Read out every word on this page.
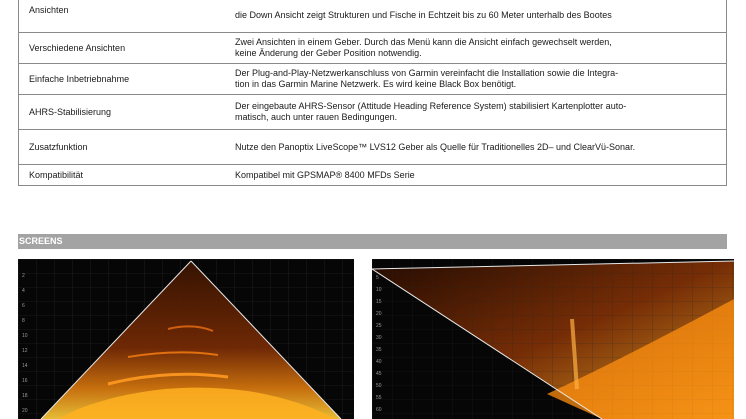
Ansichten	die Down Ansicht zeigt Strukturen und Fische in Echtzeit bis zu 60 Meter unterhalb des Bootes
Verschiedene Ansichten	Zwei Ansichten in einem Geber. Durch das Menü kann die Ansicht einfach gewechselt werden,
keine Änderung der Geber Position notwendig.
Einfache Inbetriebnahme	Der Plug-and-Play-Netzwerkanschluss von Garmin vereinfacht die Installation sowie die Integra-
tion in das Garmin Marine Netzwerk. Es wird keine Black Box benötigt.
AHRS-Stabilisierung	Der eingebaute AHRS-Sensor (Attitude Heading Reference System) stabilisiert Kartenplotter auto-
matisch, auch unter rauen Bedingungen.
Zusatzfunktion	Nutze den Panoptix LiveScope™ LVS12 Geber als Quelle für Traditionelles 2D– und ClearVü-Sonar.
Kompatibilität	Kompatibel mit GPSMAP® 8400 MFDs Serie
SCREENS
2
4
6
8
10
12
14
16
18
20
5
10
15
20
25
30
35
40
45
50
55
60
